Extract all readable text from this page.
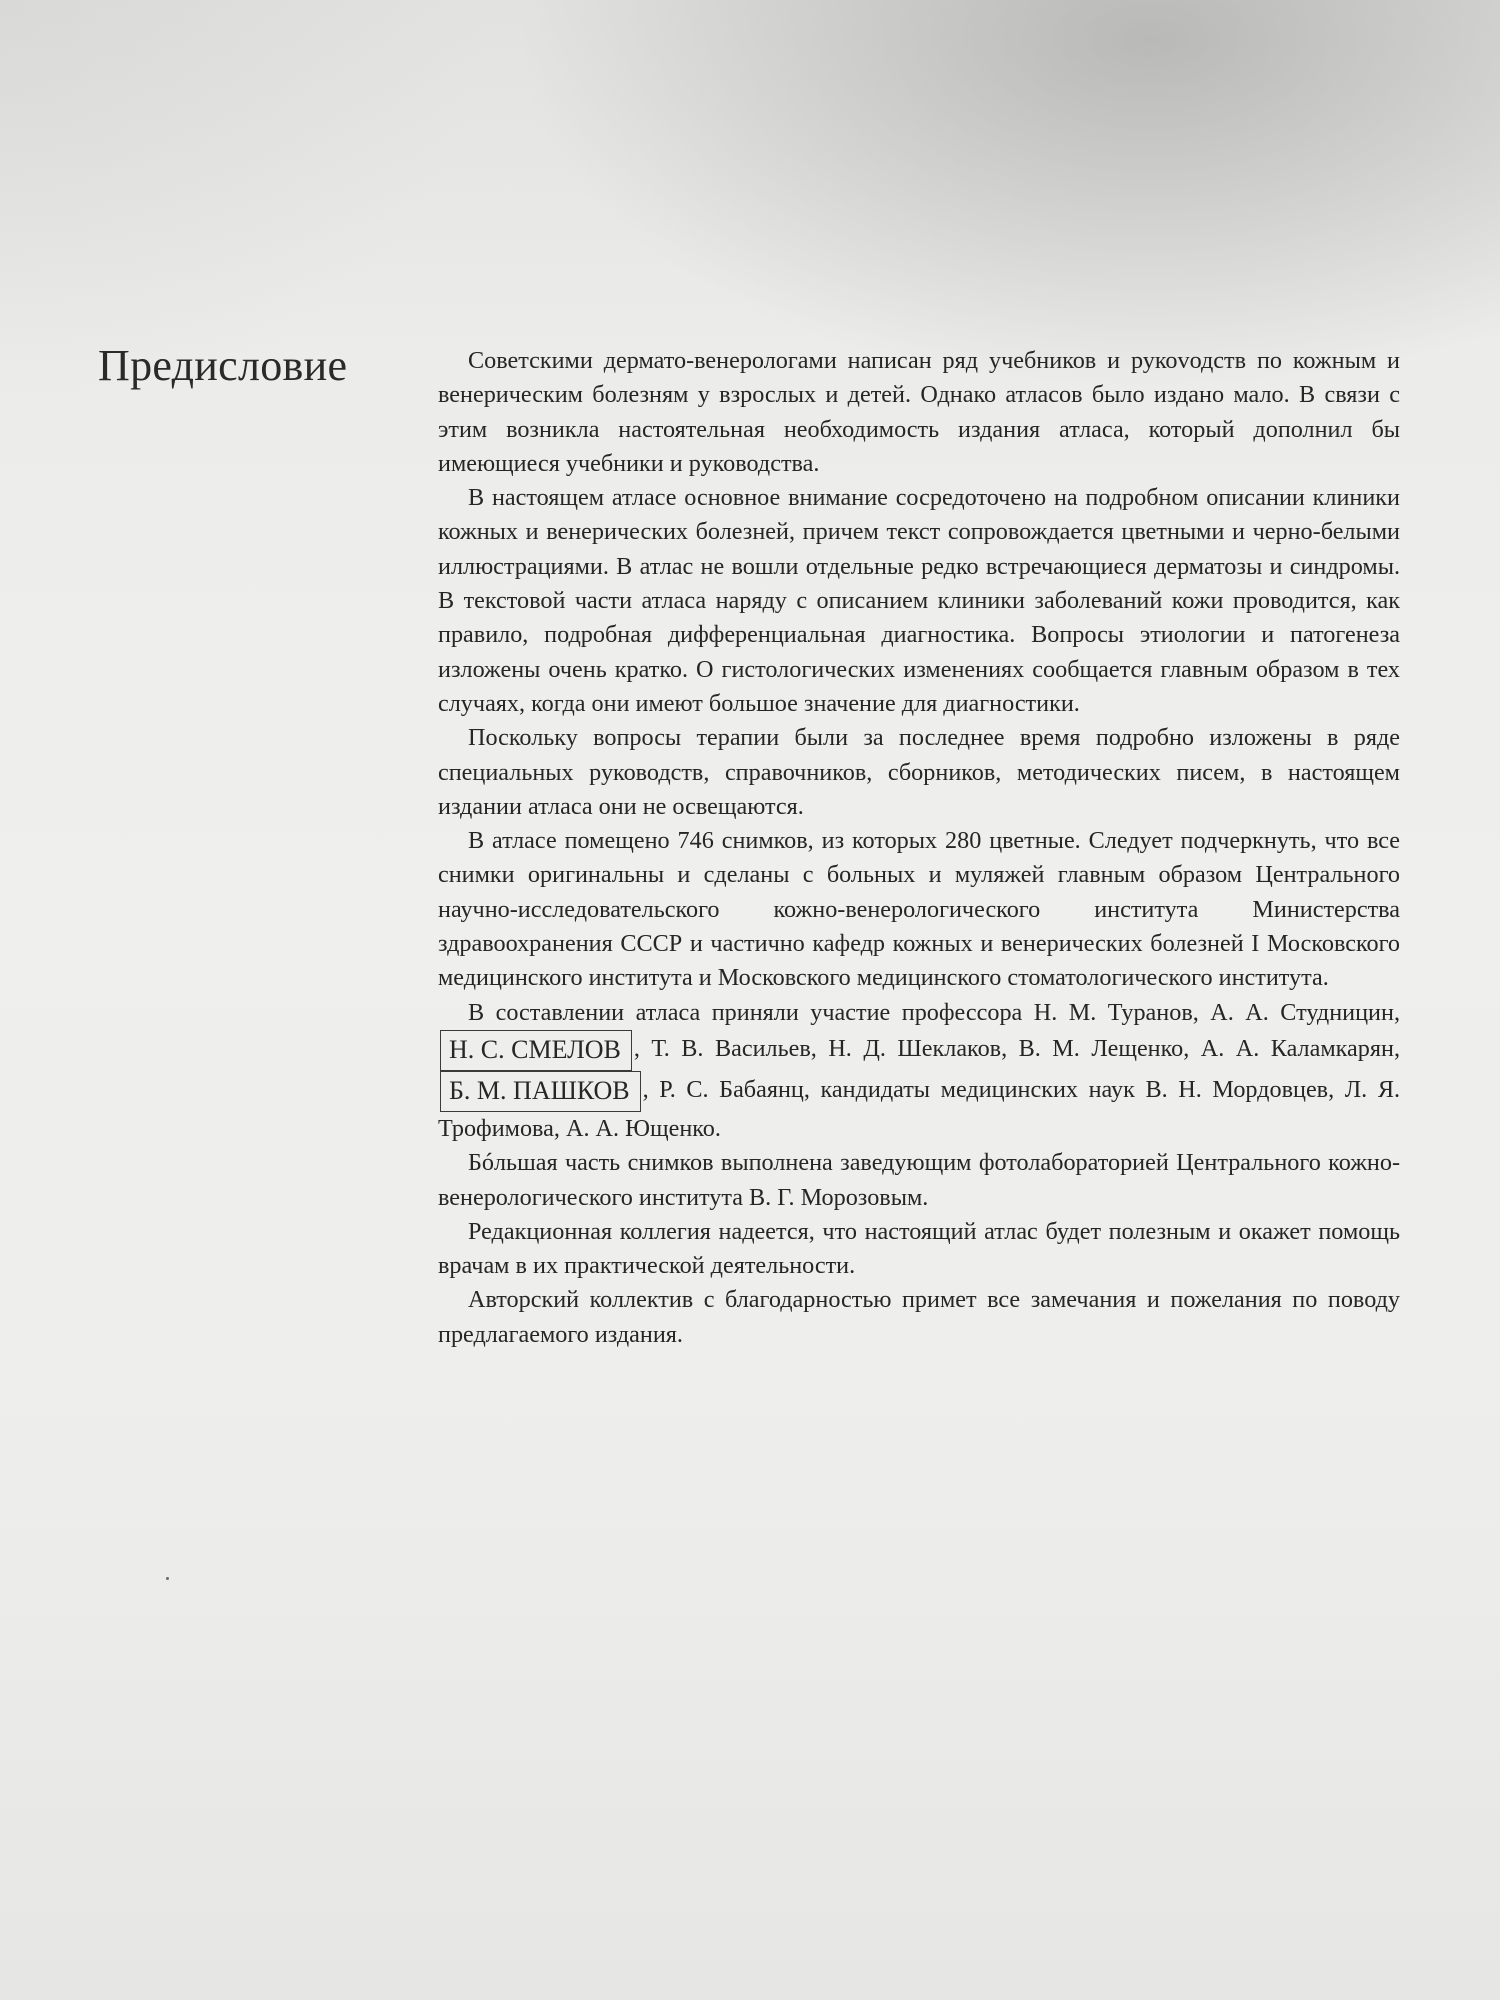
Предисловие	Советскими дермато-венерологами написан ряд учебников и рукоvодств по кожным и венерическим болезням у взрослых и детей. Однако атласов было издано мало. В связи с этим возникла настоятельная необходимость издания атласа, который дополнил бы имеющиеся учебники и руководства.

В настоящем атласе основное внимание сосредоточено на подробном описании клиники кожных и венерических болезней, причем текст сопровождается цветными и черно-белыми иллюстрациями. В атлас не вошли отдельные редко встречающиеся дерматозы и синдромы. В текстовой части атласа наряду с описанием клиники заболеваний кожи проводится, как правило, подробная дифференциальная диагностика. Вопросы этиологии и патогенеза изложены очень кратко. О гистологических изменениях сообщается главным образом в тех случаях, когда они имеют большое значение для диагностики.

Поскольку вопросы терапии были за последнее время подробно изложены в ряде специальных руководств, справочников, сборников, методических писем, в настоящем издании атласа они не освещаются.

В атласе помещено 746 снимков, из которых 280 цветные. Следует подчеркнуть, что все снимки оригинальны и сделаны с больных и муляжей главным образом Центрального научно-исследовательского кожно-венерологического института Министерства здравоохранения СССР и частично кафедр кожных и венерических болезней I Московского медицинского института и Московского медицинского стоматологического института.

В составлении атласа приняли участие профессора Н. М. Туранов, А. А. Студницин,Н. С. СМЕЛОВ , Т. В. Васильев, Н. Д. Шеклаков, В. М. Лещенко, А. А. Каламкарян,Б. М. ПАШКОВ , Р. С. Бабаянц, кандидаты медицинских наук В. Н. Мордовцев, Л. Я. Трофимова, А. А. Ющенко.

Бóльшая часть снимков выполнена заведующим фотолабораторией Центрального кожно-венерологического института В. Г. Морозовым.

Редакционная коллегия надеется, что настоящий атлас будет полезным и окажет помощь врачам в их практической деятельности.

Авторский коллектив с благодарностью примет все замечания и пожелания по поводу предлагаемого издания.
